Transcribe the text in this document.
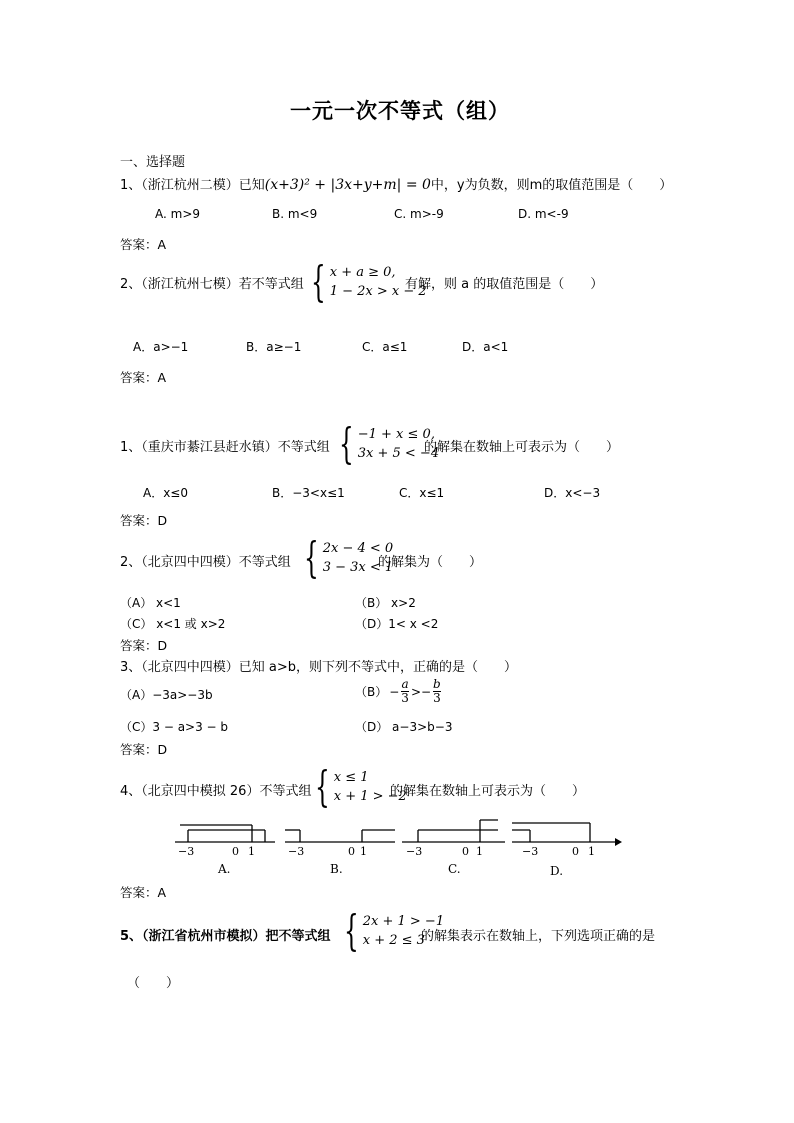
一元一次不等式（组）
一、选择题
1、（浙江杭州二模）已知(x+3)² + |3x+y+m| = 0中，y为负数，则m的取值范围是（　　）
A. m>9	B. m<9	C. m>-9	D. m<-9
答案：A
2、（浙江杭州七模）若不等式组 { x + a ≥ 0,
1 − 2x > x − 2
有解，则 a 的取值范围是（　　）
A．a>−1	B．a≥−1	C．a≤1	D．a<1
答案：A
1、（重庆市綦江县赶水镇）不等式组 { −1 + x ≤ 0,
3x + 5 < −4
的解集在数轴上可表示为（　　）
A．x≤0	B．−3<x≤1	C．x≤1	D．x<−3
答案：D
2、（北京四中四模）不等式组 { 2x − 4 < 0
3 − 3x < 1
的解集为（　　）
（A） x<1	（B） x>2
（C） x<1 或 x>2	（D）1< x <2
答案：D
3、（北京四中四模）已知 a>b，则下列不等式中，正确的是（　　）
（A）−3a>−3b	$(B) - \frac{a}{3} >- \frac{b}{3}$
（C）3 − a>3 − b	（D） a−3>b−3
答案：D
4、（北京四中模拟 26）不等式组 { x ≤ 1
x + 1 > −2
的解集在数轴上可表示为（　　）
−3	0 1
A.
−3	0 1
B.
−3	0 1
C.
−3	0 1
D.
答案：A
5、（浙江省杭州市模拟）把不等式组 { 2x + 1 > −1
x + 2 ≤ 3
的解集表示在数轴上，下列选项正确的是
（　　）
